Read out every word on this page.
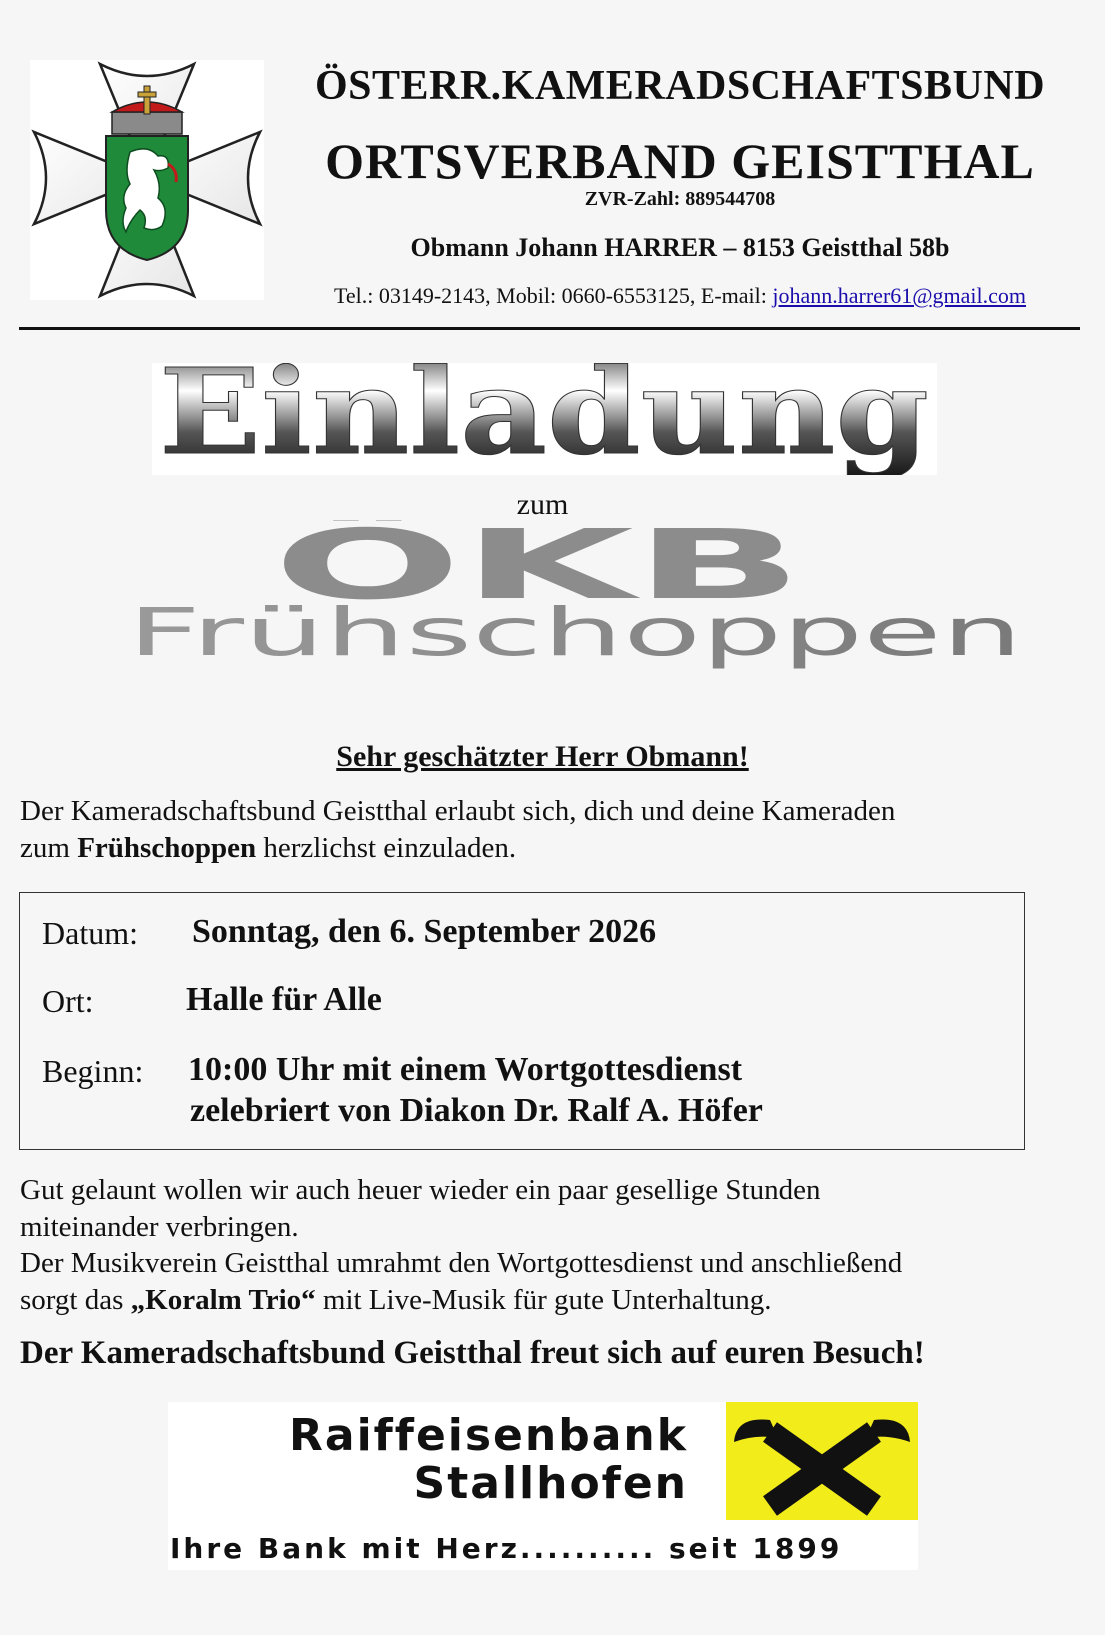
ÖSTERR.KAMERADSCHAFTSBUND
ORTSVERBAND GEISTTHAL
ZVR-Zahl: 889544708
Obmann Johann HARRER – 8153 Geistthal 58b
Tel.: 03149-2143, Mobil: 0660-6553125, E-mail: johann.harrer61@gmail.com
Einladung
zum
ÖKB
Frühschoppen
Sehr geschätzter Herr Obmann!
Der Kameradschaftsbund Geistthal erlaubt sich, dich und deine Kameraden
zum Frühschoppen herzlichst einzuladen.
Datum: Sonntag, den 6. September 2026
Ort:	Halle für Alle
Beginn: 10:00 Uhr mit einem Wortgottesdienst
zelebriert von Diakon Dr. Ralf A. Höfer
Gut gelaunt wollen wir auch heuer wieder ein paar gesellige Stunden
miteinander verbringen.
Der Musikverein Geistthal umrahmt den Wortgottesdienst und anschließend
sorgt das „Koralm Trio“ mit Live-Musik für gute Unterhaltung.
Der Kameradschaftsbund Geistthal freut sich auf euren Besuch!
Raiffeisenbank
Stallhofen
Ihre Bank mit Herz.......... seit 1899
